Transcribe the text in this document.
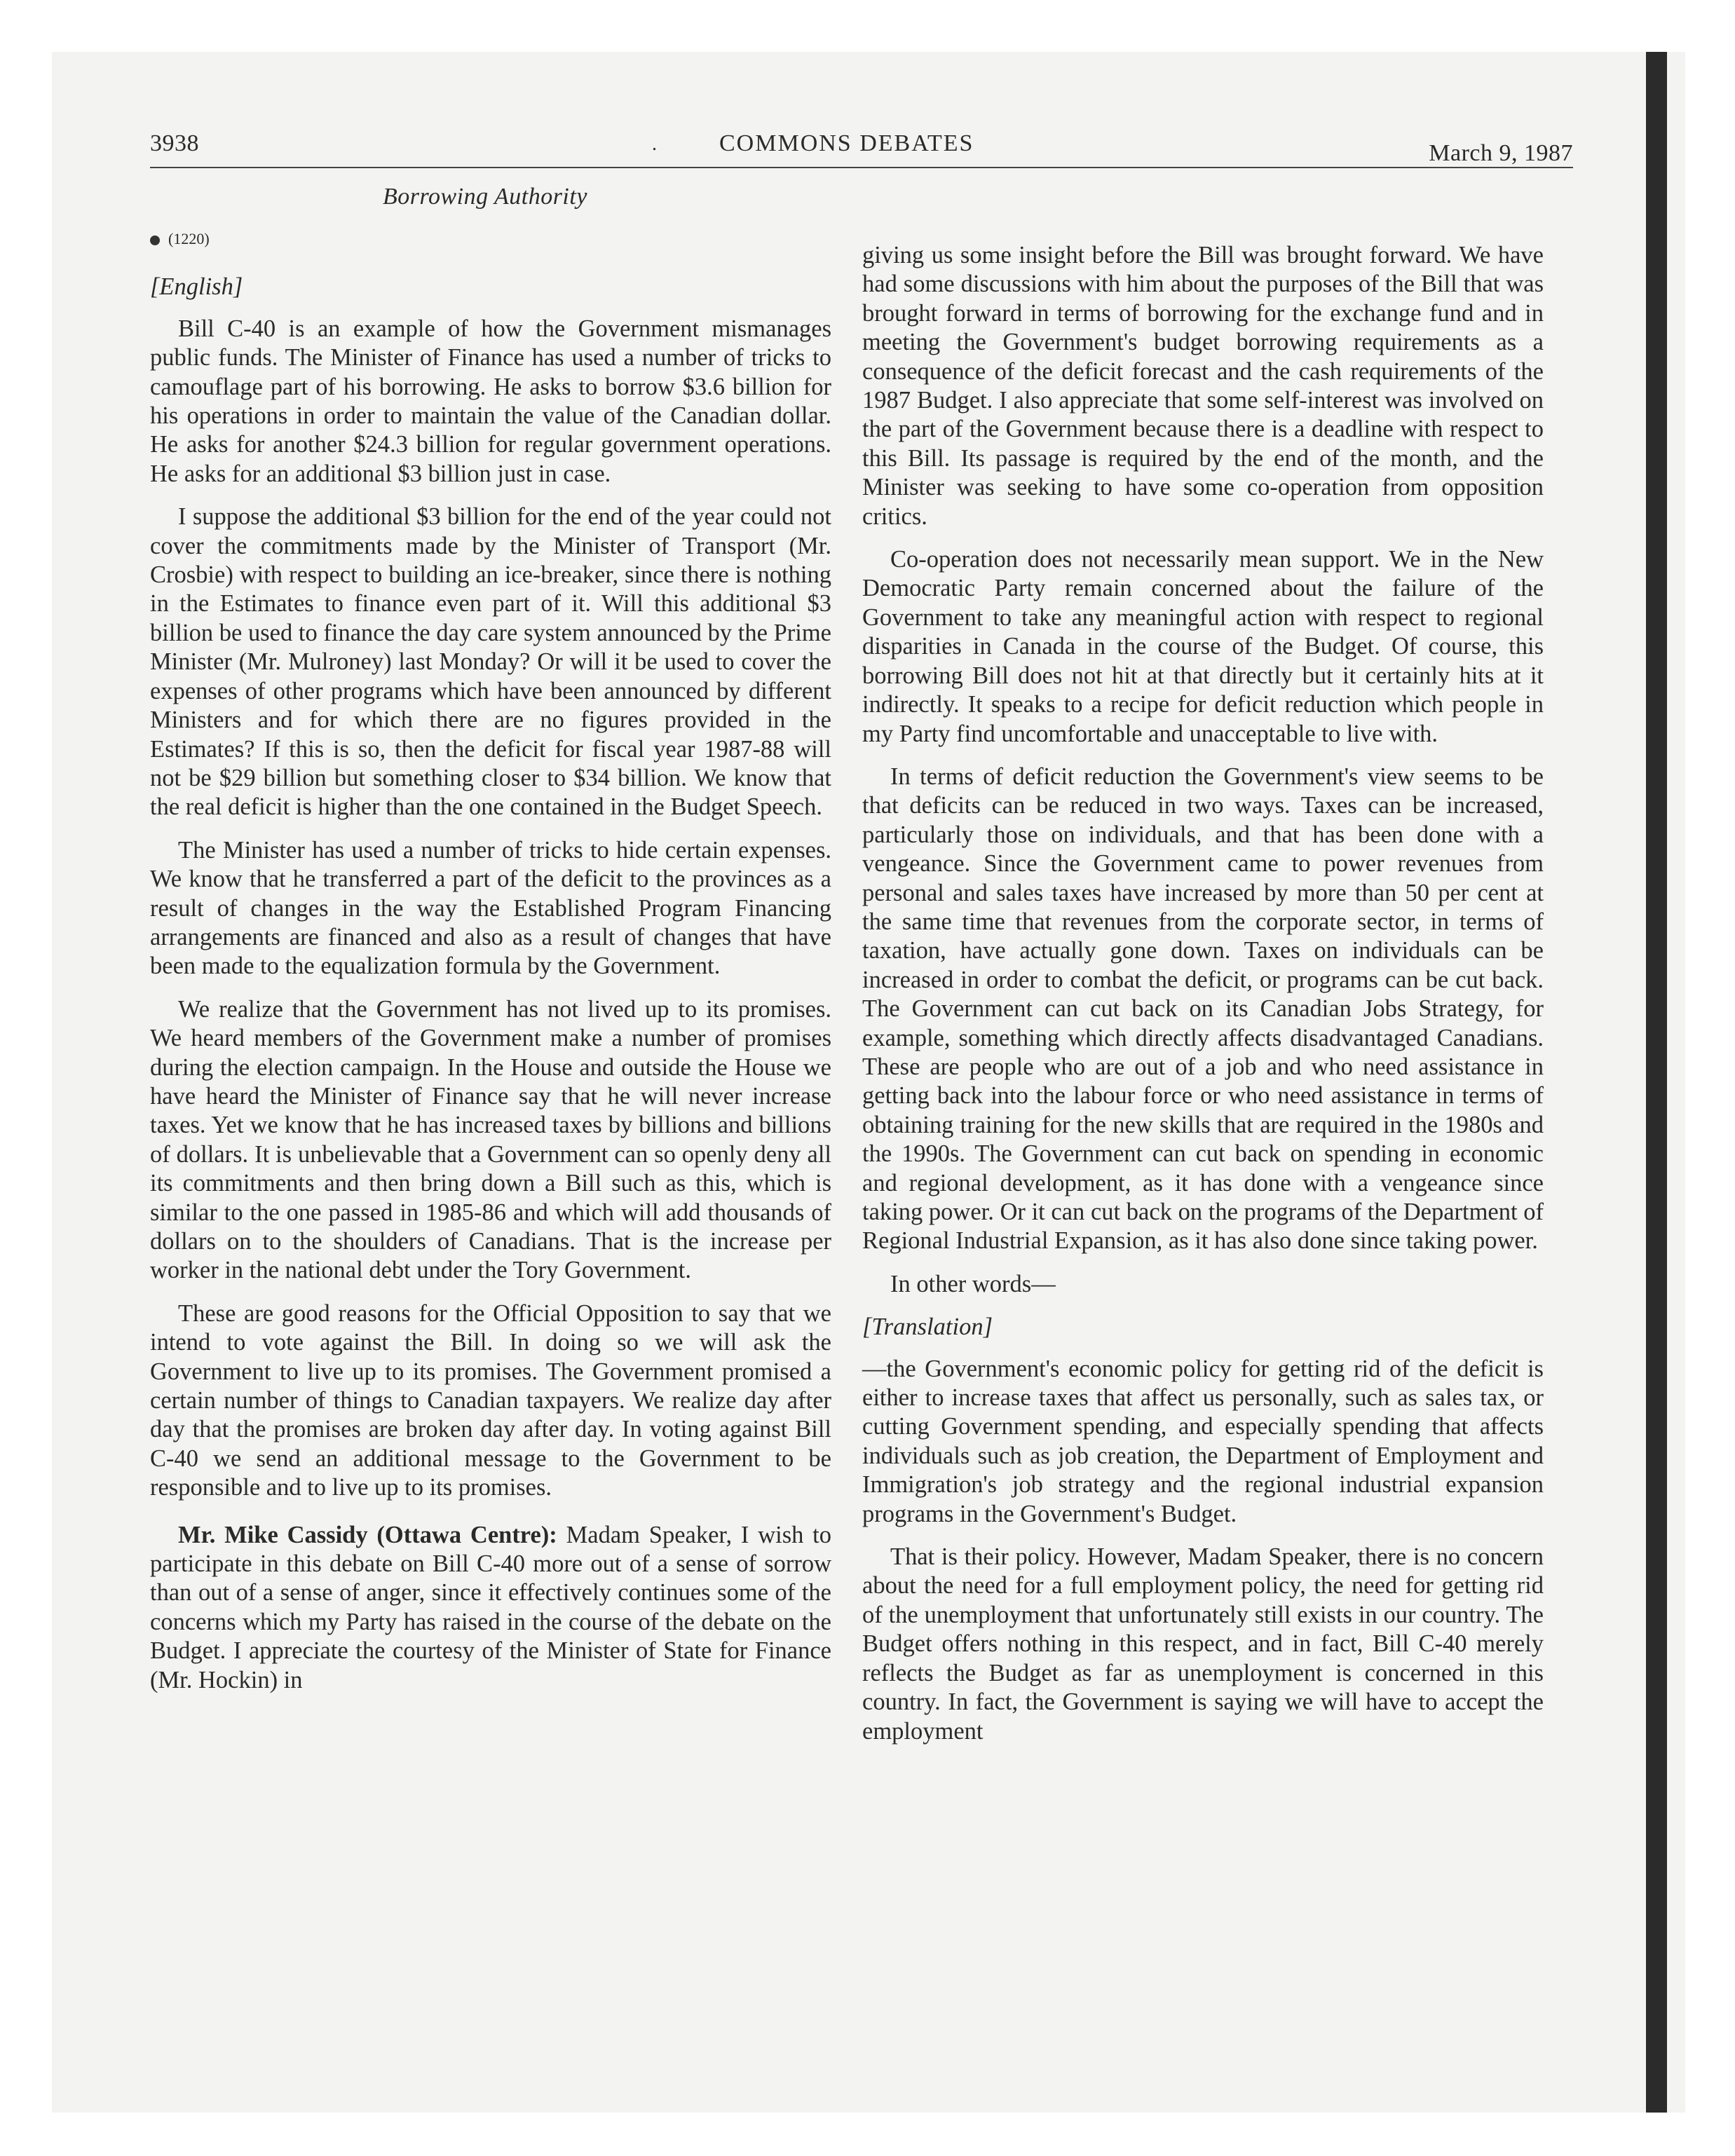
3938	.	COMMONS DEBATES	March 9, 1987
Borrowing Authority
(1220)
[English]

Bill C-40 is an example of how the Government mismanages public funds. The Minister of Finance has used a number of tricks to camouflage part of his borrowing. He asks to borrow $3.6 billion for his operations in order to maintain the value of the Canadian dollar. He asks for another $24.3 billion for regular government operations. He asks for an additional $3 billion just in case.

I suppose the additional $3 billion for the end of the year could not cover the commitments made by the Minister of Transport (Mr. Crosbie) with respect to building an ice-breaker, since there is nothing in the Estimates to finance even part of it. Will this additional $3 billion be used to finance the day care system announced by the Prime Minister (Mr. Mulroney) last Monday? Or will it be used to cover the expenses of other programs which have been announced by different Ministers and for which there are no figures provided in the Estimates? If this is so, then the deficit for fiscal year 1987-88 will not be $29 billion but something closer to $34 billion. We know that the real deficit is higher than the one contained in the Budget Speech.

The Minister has used a number of tricks to hide certain expenses. We know that he transferred a part of the deficit to the provinces as a result of changes in the way the Established Program Financing arrangements are financed and also as a result of changes that have been made to the equalization formula by the Government.

We realize that the Government has not lived up to its promises. We heard members of the Government make a number of promises during the election campaign. In the House and outside the House we have heard the Minister of Finance say that he will never increase taxes. Yet we know that he has increased taxes by billions and billions of dollars. It is unbelievable that a Government can so openly deny all its commitments and then bring down a Bill such as this, which is similar to the one passed in 1985-86 and which will add thousands of dollars on to the shoulders of Canadians. That is the increase per worker in the national debt under the Tory Government.

These are good reasons for the Official Opposition to say that we intend to vote against the Bill. In doing so we will ask the Government to live up to its promises. The Government promised a certain number of things to Canadian taxpayers. We realize day after day that the promises are broken day after day. In voting against Bill C-40 we send an additional message to the Government to be responsible and to live up to its promises.

Mr. Mike Cassidy (Ottawa Centre): Madam Speaker, I wish to participate in this debate on Bill C-40 more out of a sense of sorrow than out of a sense of anger, since it effectively continues some of the concerns which my Party has raised in the course of the debate on the Budget. I appreciate the courtesy of the Minister of State for Finance (Mr. Hockin) in

giving us some insight before the Bill was brought forward. We have had some discussions with him about the purposes of the Bill that was brought forward in terms of borrowing for the exchange fund and in meeting the Government's budget borrowing requirements as a consequence of the deficit forecast and the cash requirements of the 1987 Budget. I also appreciate that some self-interest was involved on the part of the Government because there is a deadline with respect to this Bill. Its passage is required by the end of the month, and the Minister was seeking to have some co-operation from opposition critics.

Co-operation does not necessarily mean support. We in the New Democratic Party remain concerned about the failure of the Government to take any meaningful action with respect to regional disparities in Canada in the course of the Budget. Of course, this borrowing Bill does not hit at that directly but it certainly hits at it indirectly. It speaks to a recipe for deficit reduction which people in my Party find uncomfortable and unacceptable to live with.

In terms of deficit reduction the Government's view seems to be that deficits can be reduced in two ways. Taxes can be increased, particularly those on individuals, and that has been done with a vengeance. Since the Government came to power revenues from personal and sales taxes have increased by more than 50 per cent at the same time that revenues from the corporate sector, in terms of taxation, have actually gone down. Taxes on individuals can be increased in order to combat the deficit, or programs can be cut back. The Government can cut back on its Canadian Jobs Strategy, for example, something which directly affects disadvantaged Canadians. These are people who are out of a job and who need assistance in getting back into the labour force or who need assistance in terms of obtaining training for the new skills that are required in the 1980s and the 1990s. The Government can cut back on spending in economic and regional development, as it has done with a vengeance since taking power. Or it can cut back on the programs of the Department of Regional Industrial Expansion, as it has also done since taking power.

In other words—

[Translation]

—the Government's economic policy for getting rid of the deficit is either to increase taxes that affect us personally, such as sales tax, or cutting Government spending, and especially spending that affects individuals such as job creation, the Department of Employment and Immigration's job strategy and the regional industrial expansion programs in the Government's Budget.

That is their policy. However, Madam Speaker, there is no concern about the need for a full employment policy, the need for getting rid of the unemployment that unfortunately still exists in our country. The Budget offers nothing in this respect, and in fact, Bill C-40 merely reflects the Budget as far as unemployment is concerned in this country. In fact, the Government is saying we will have to accept the employment
